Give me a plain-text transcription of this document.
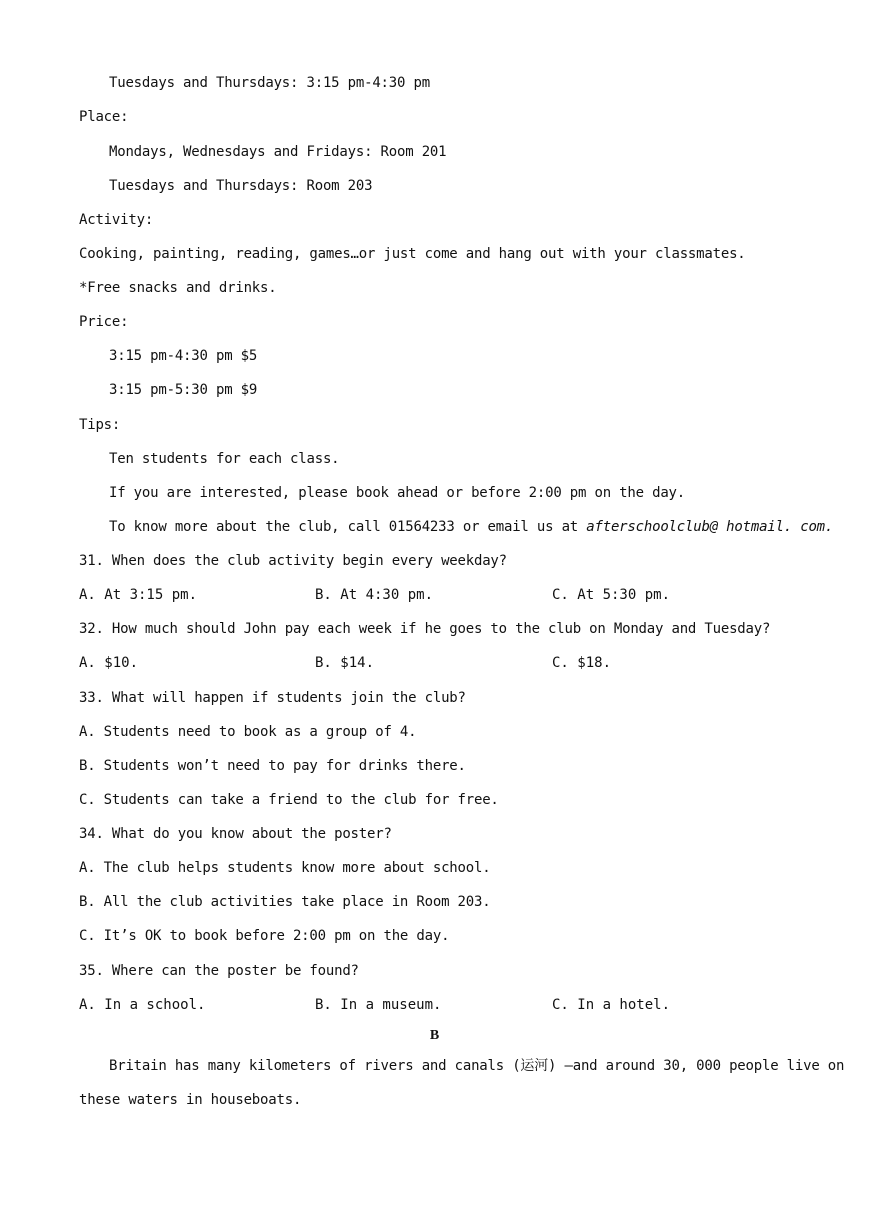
Tuesdays and Thursdays: 3:15 pm-4:30 pm
Place:
Mondays, Wednesdays and Fridays: Room 201
Tuesdays and Thursdays: Room 203
Activity:
Cooking, painting, reading, games…or just come and hang out with your classmates.
*Free snacks and drinks.
Price:
3:15 pm-4:30 pm $5
3:15 pm-5:30 pm $9
Tips:
Ten students for each class.
If you are interested, please book ahead or before 2:00 pm on the day.
To know more about the club, call 01564233 or email us at afterschoolclub@ hotmail. com.
31. When does the club activity begin every weekday?
A. At 3:15 pm.	B. At 4:30 pm.	C. At 5:30 pm.
32. How much should John pay each week if he goes to the club on Monday and Tuesday?
A. $10.	B. $14.	C. $18.
33. What will happen if students join the club?
A. Students need to book as a group of 4.
B. Students won’t need to pay for drinks there.
C. Students can take a friend to the club for free.
34. What do you know about the poster?
A. The club helps students know more about school.
B. All the club activities take place in Room 203.
C. It’s OK to book before 2:00 pm on the day.
35. Where can the poster be found?
A. In a school.	B. In a museum.	C. In a hotel.
B
Britain has many kilometers of rivers and canals (运河) —and around 30, 000 people live on
these waters in houseboats.
